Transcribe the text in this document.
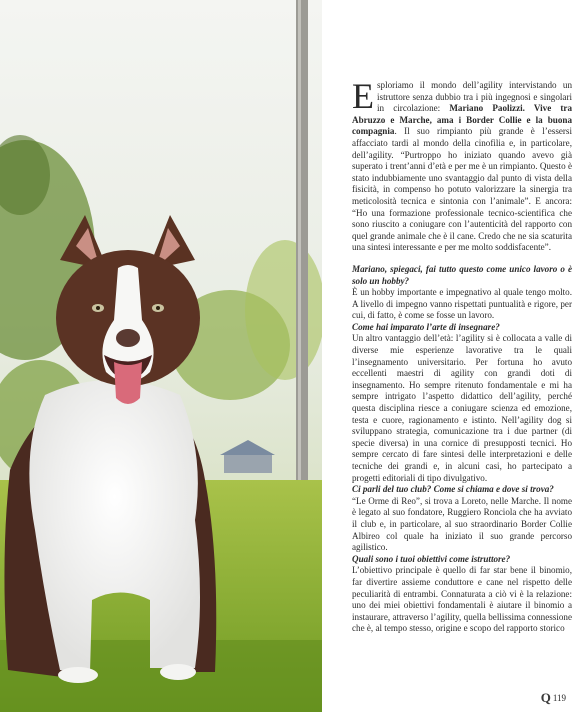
Esploriamo il mondo dell’agility intervistando un istruttore senza dubbio tra i più ingegnosi e singolari in circolazione: Mariano Paolizzi. Vive tra Abruzzo e Marche, ama i Border Collie e la buona compagnia. Il suo rimpianto più grande è l’essersi affacciato tardi al mondo della cinofilia e, in particolare, dell’agility. “Purtroppo ho iniziato quando avevo già superato i trent’anni d’età e per me è un rimpianto. Questo è stato indubbiamente uno svantaggio dal punto di vista della fisicità, in compenso ho potuto valorizzare la sinergia tra meticolosità tecnica e sintonia con l’animale”. E ancora: “Ho una formazione professionale tecnico-scientifica che sono riuscito a coniugare con l’autenticità del rapporto con quel grande animale che è il cane. Credo che ne sia scaturita una sintesi interessante e per me molto soddisfacente”.

Mariano, spiegaci, fai tutto questo come unico lavoro o è solo un hobby?

È un hobby importante e impegnativo al quale tengo molto. A livello di impegno vanno rispettati puntualità e rigore, per cui, di fatto, è come se fosse un lavoro.

Come hai imparato l’arte di insegnare?

Un altro vantaggio dell’età: l’agility si è collocata a valle di diverse mie esperienze lavorative tra le quali l’insegnamento universitario. Per fortuna ho avuto eccellenti maestri di agility con grandi doti di insegnamento. Ho sempre ritenuto fondamentale e mi ha sempre intrigato l’aspetto didattico dell’agility, perché questa disciplina riesce a coniugare scienza ed emozione, testa e cuore, ragionamento e istinto. Nell’agility dog si sviluppano strategia, comunicazione tra i due partner (di specie diversa) in una cornice di presupposti tecnici. Ho sempre cercato di fare sintesi delle interpretazioni e delle tecniche dei grandi e, in alcuni casi, ho partecipato a progetti editoriali di tipo divulgativo.

Ci parli del tuo club? Come si chiama e dove si trova?

“Le Orme di Reo”, si trova a Loreto, nelle Marche. Il nome è legato al suo fondatore, Ruggiero Ronciola che ha avviato il club e, in particolare, al suo straordinario Border Collie Albireo col quale ha iniziato il suo grande percorso agilistico.

Quali sono i tuoi obiettivi come istruttore?

L’obiettivo principale è quello di far star bene il binomio, far divertire assieme conduttore e cane nel rispetto delle peculiarità di entrambi. Connaturata a ciò vi è la relazione: uno dei miei obiettivi fondamentali è aiutare il binomio a instaurare, attraverso l’agility, quella bellissima connessione che è, al tempo stesso, origine e scopo del rapporto storico

Q 119
